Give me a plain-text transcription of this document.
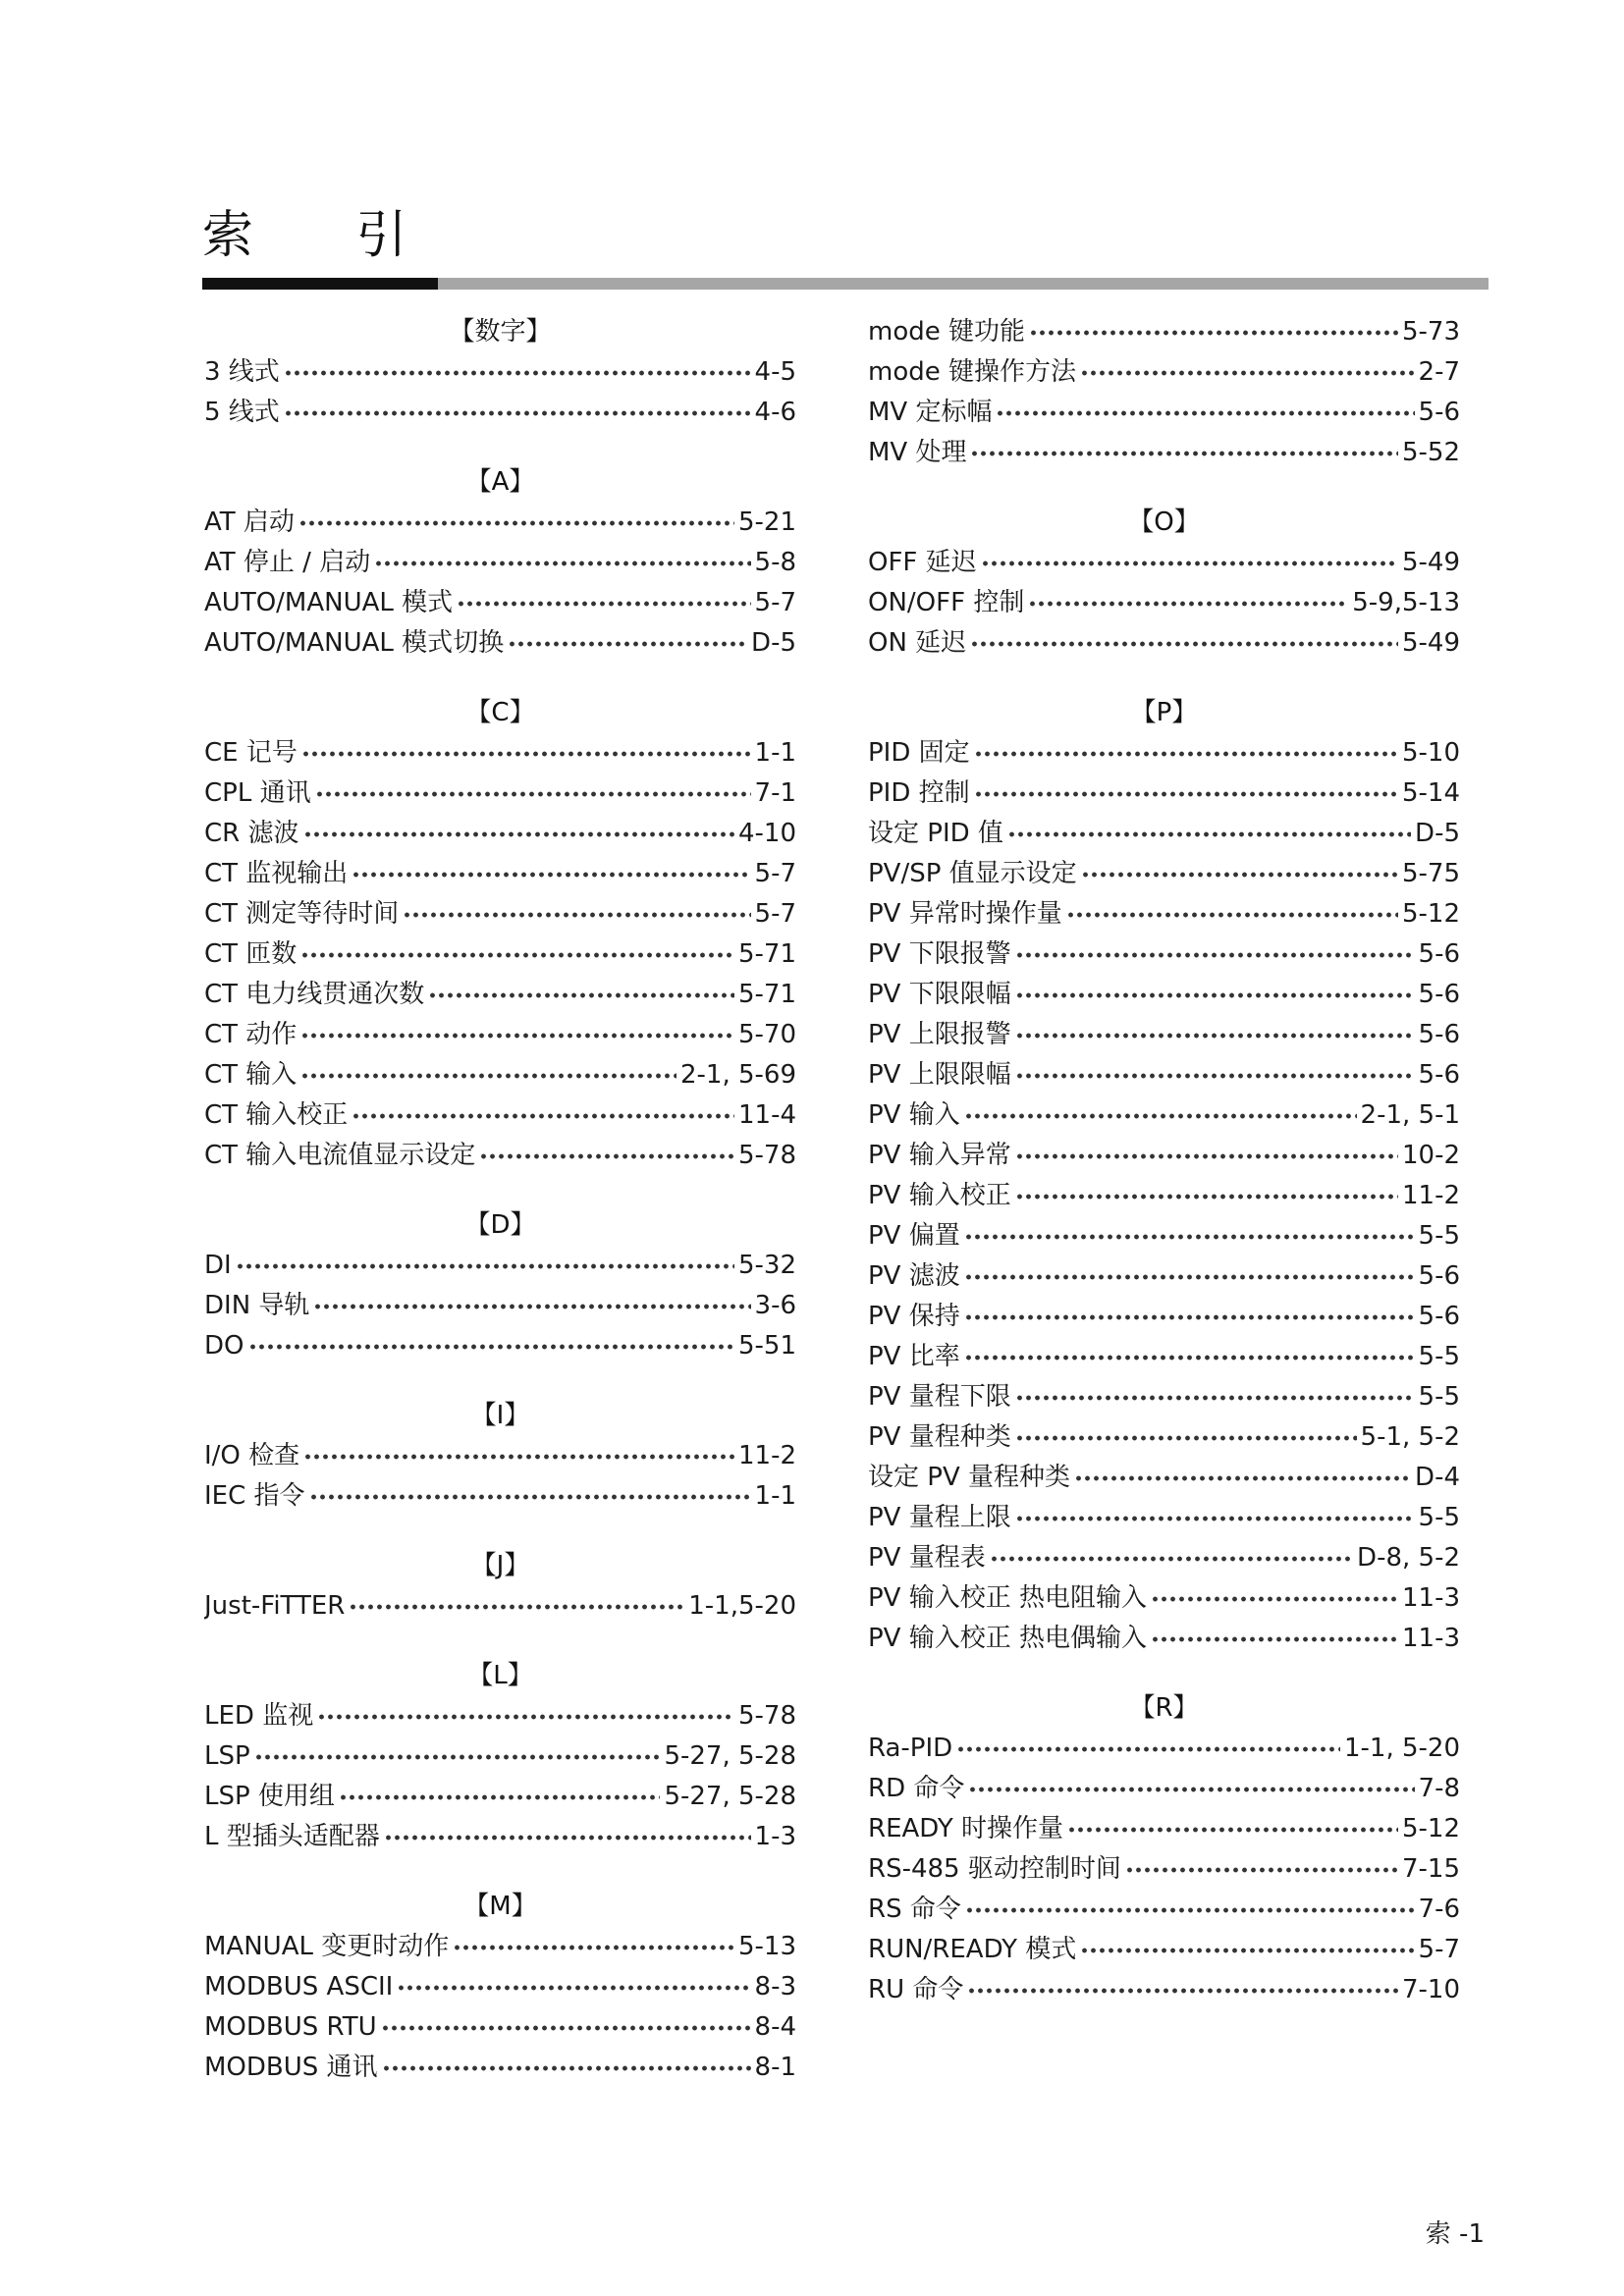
索 引
【数字】
3 线式	4-5
5 线式	4-6
【A】
AT 启动	5-21
AT 停止 / 启动	5-8
AUTO/MANUAL 模式	5-7
AUTO/MANUAL 模式切换	D-5
【C】
CE 记号	1-1
CPL 通讯	7-1
CR 滤波	4-10
CT 监视输出	5-7
CT 测定等待时间	5-7
CT 匝数	5-71
CT 电力线贯通次数	5-71
CT 动作	5-70
CT 输入	2-1, 5-69
CT 输入校正	11-4
CT 输入电流值显示设定	5-78
【D】
DI	5-32
DIN 导轨	3-6
DO	5-51
【I】
I/O 检查	11-2
IEC 指令	1-1
【J】
Just-FiTTER	1-1,5-20
【L】
LED 监视	5-78
LSP	5-27, 5-28
LSP 使用组	5-27, 5-28
L 型插头适配器	1-3
【M】
MANUAL 变更时动作	5-13
MODBUS ASCII	8-3
MODBUS RTU	8-4
MODBUS 通讯	8-1
mode 键功能	5-73
mode 键操作方法	2-7
MV 定标幅	5-6
MV 处理	5-52
【O】
OFF 延迟	5-49
ON/OFF 控制	5-9,5-13
ON 延迟	5-49
【P】
PID 固定	5-10
PID 控制	5-14
设定 PID 值	D-5
PV/SP 值显示设定	5-75
PV 异常时操作量	5-12
PV 下限报警	5-6
PV 下限限幅	5-6
PV 上限报警	5-6
PV 上限限幅	5-6
PV 输入	2-1, 5-1
PV 输入异常	10-2
PV 输入校正	11-2
PV 偏置	5-5
PV 滤波	5-6
PV 保持	5-6
PV 比率	5-5
PV 量程下限	5-5
PV 量程种类	5-1, 5-2
设定 PV 量程种类	D-4
PV 量程上限	5-5
PV 量程表	D-8, 5-2
PV 输入校正 热电阻输入	11-3
PV 输入校正 热电偶输入	11-3
【R】
Ra-PID	1-1, 5-20
RD 命令	7-8
READY 时操作量	5-12
RS-485 驱动控制时间	7-15
RS 命令	7-6
RUN/READY 模式	5-7
RU 命令	7-10
索 -1
